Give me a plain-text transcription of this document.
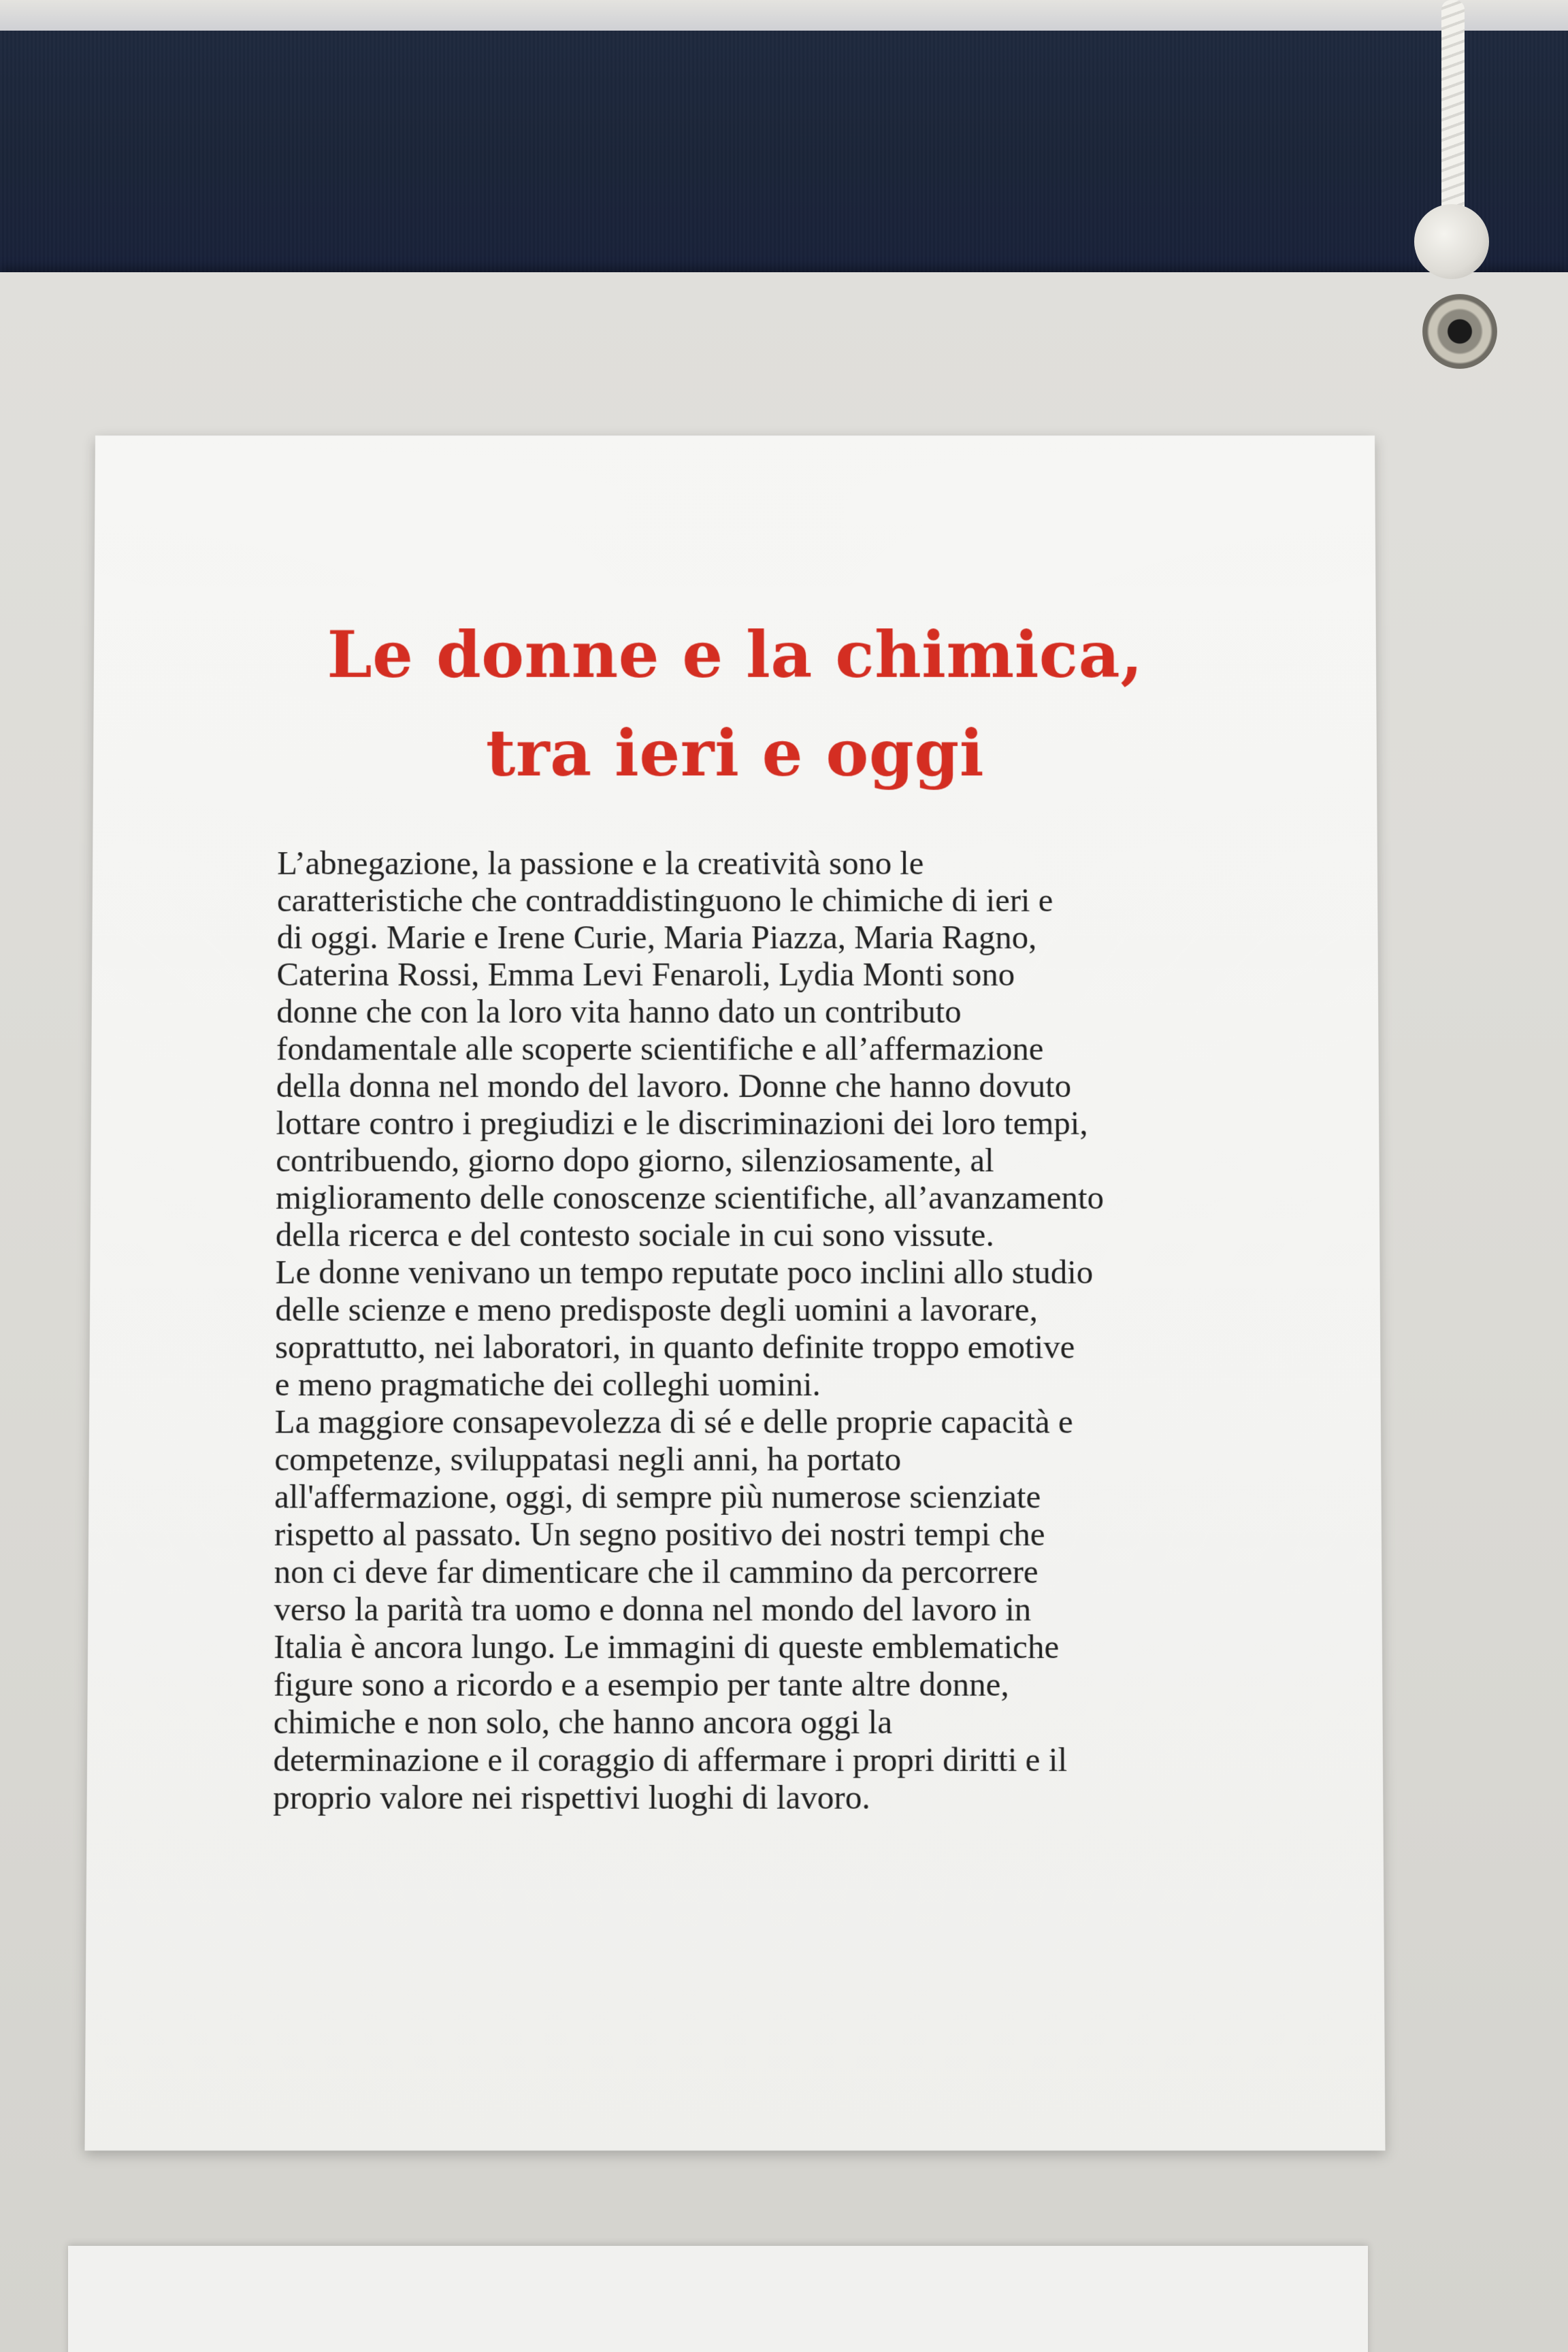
Le donne e la chimica,
tra ieri e oggi
L’abnegazione, la passione e la creatività sono le
caratteristiche che contraddistinguono le chimiche di ieri e
di oggi. Marie e Irene Curie, Maria Piazza, Maria Ragno,
Caterina Rossi, Emma Levi Fenaroli, Lydia Monti sono
donne che con la loro vita hanno dato un contributo
fondamentale alle scoperte scientifiche e all’affermazione
della donna nel mondo del lavoro. Donne che hanno dovuto
lottare contro i pregiudizi e le discriminazioni dei loro tempi,
contribuendo, giorno dopo giorno, silenziosamente, al
miglioramento delle conoscenze scientifiche, all’avanzamento
della ricerca e del contesto sociale in cui sono vissute.
Le donne venivano un tempo reputate poco inclini allo studio
delle scienze e meno predisposte degli uomini a lavorare,
soprattutto, nei laboratori, in quanto definite troppo emotive
e meno pragmatiche dei colleghi uomini.
La maggiore consapevolezza di sé e delle proprie capacità e
competenze, sviluppatasi negli anni, ha portato
all'affermazione, oggi, di sempre più numerose scienziate
rispetto al passato. Un segno positivo dei nostri tempi che
non ci deve far dimenticare che il cammino da percorrere
verso la parità tra uomo e donna nel mondo del lavoro in
Italia è ancora lungo. Le immagini di queste emblematiche
figure sono a ricordo e a esempio per tante altre donne,
chimiche e non solo, che hanno ancora oggi la
determinazione e il coraggio di affermare i propri diritti e il
proprio valore nei rispettivi luoghi di lavoro.
